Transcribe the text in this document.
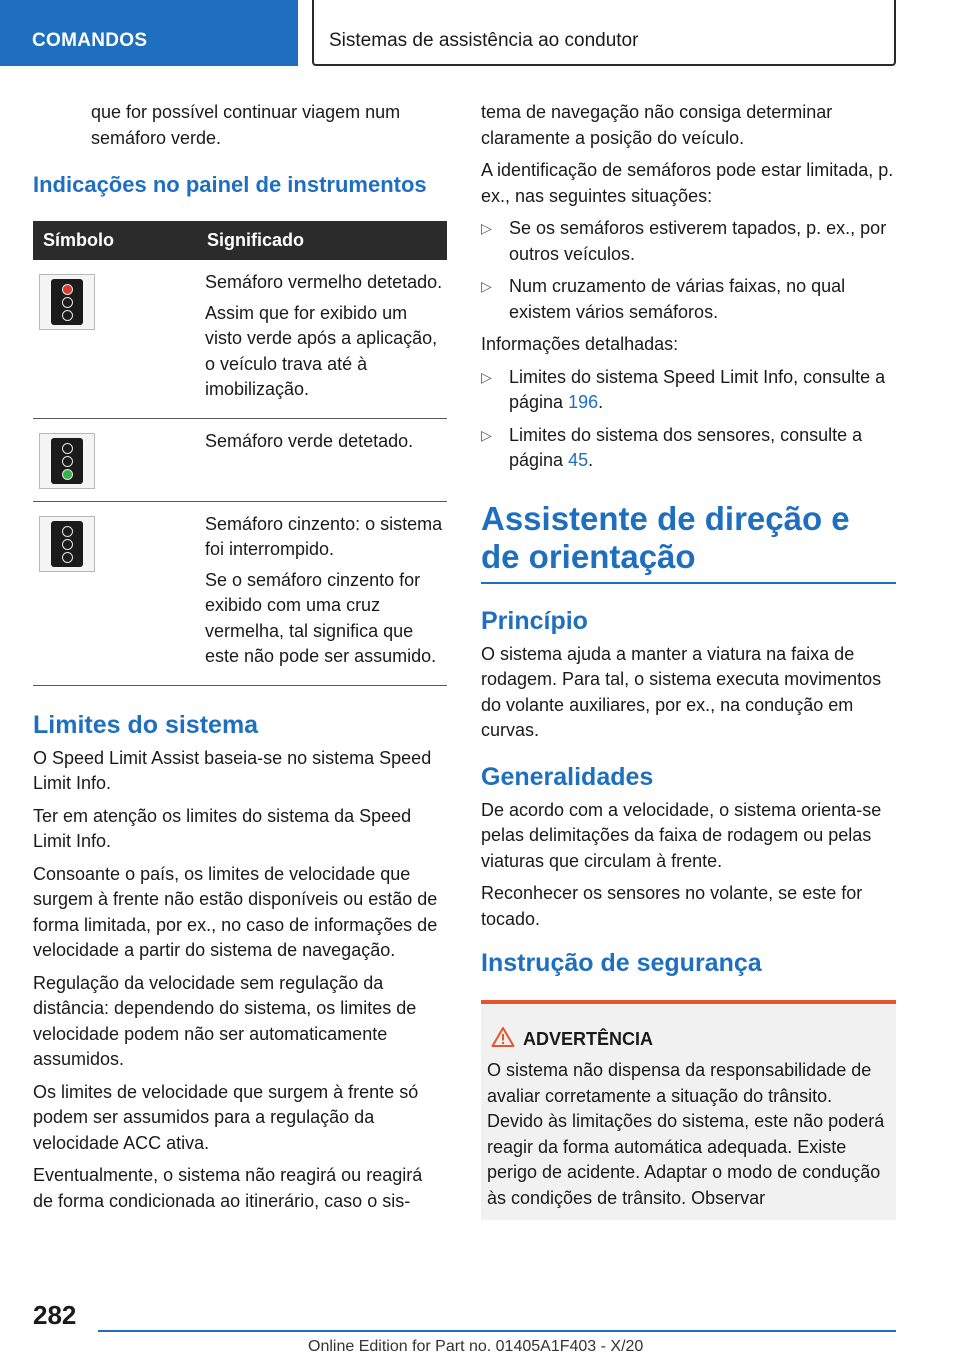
COMANDOS	Sistemas de assistência ao condutor

que for possível continuar viagem num semáforo verde.

Indicações no painel de instrumentos
Símbolo	Significado

	Semáforo vermelho detetado.

Assim que for exibido um visto verde após a aplicação, o veículo trava até à imobilização.

	Semáforo verde detetado.

	Semáforo cinzento: o sistema foi interrompido.

Se o semáforo cinzento for exibido com uma cruz vermelha, tal significa que este não pode ser assumido.

Limites do sistema

O Speed Limit Assist baseia-se no sistema Speed Limit Info.

Ter em atenção os limites do sistema da Speed Limit Info.

Consoante o país, os limites de velocidade que surgem à frente não estão disponíveis ou estão de forma limitada, por ex., no caso de informações de velocidade a partir do sistema de navegação.

Regulação da velocidade sem regulação da distância: dependendo do sistema, os limites de velocidade podem não ser automaticamente assumidos.

Os limites de velocidade que surgem à frente só podem ser assumidos para a regulação da velocidade ACC ativa.

Eventualmente, o sistema não reagirá ou reagirá de forma condicionada ao itinerário, caso o sis-

tema de navegação não consiga determinar claramente a posição do veículo.

A identificação de semáforos pode estar limitada, p. ex., nas seguintes situações:

▷ Se os semáforos estiverem tapados, p. ex., por outros veículos.
▷ Num cruzamento de várias faixas, no qual existem vários semáforos.

Informações detalhadas:

▷ Limites do sistema Speed Limit Info, consulte a página 196.
▷ Limites do sistema dos sensores, consulte a página 45.
Assistente de direção e de orientação
Princípio

O sistema ajuda a manter a viatura na faixa de rodagem. Para tal, o sistema executa movimentos do volante auxiliares, por ex., na condução em curvas.

Generalidades

De acordo com a velocidade, o sistema orienta-se pelas delimitações da faixa de rodagem ou pelas viaturas que circulam à frente.

Reconhecer os sensores no volante, se este for tocado.

Instrução de segurança
ADVERTÊNCIA

O sistema não dispensa da responsabilidade de avaliar corretamente a situação do trânsito. Devido às limitações do sistema, este não poderá reagir da forma automática adequada. Existe perigo de acidente. Adaptar o modo de condução às condições de trânsito. Observar

282
Online Edition for Part no. 01405A1F403 - X/20
